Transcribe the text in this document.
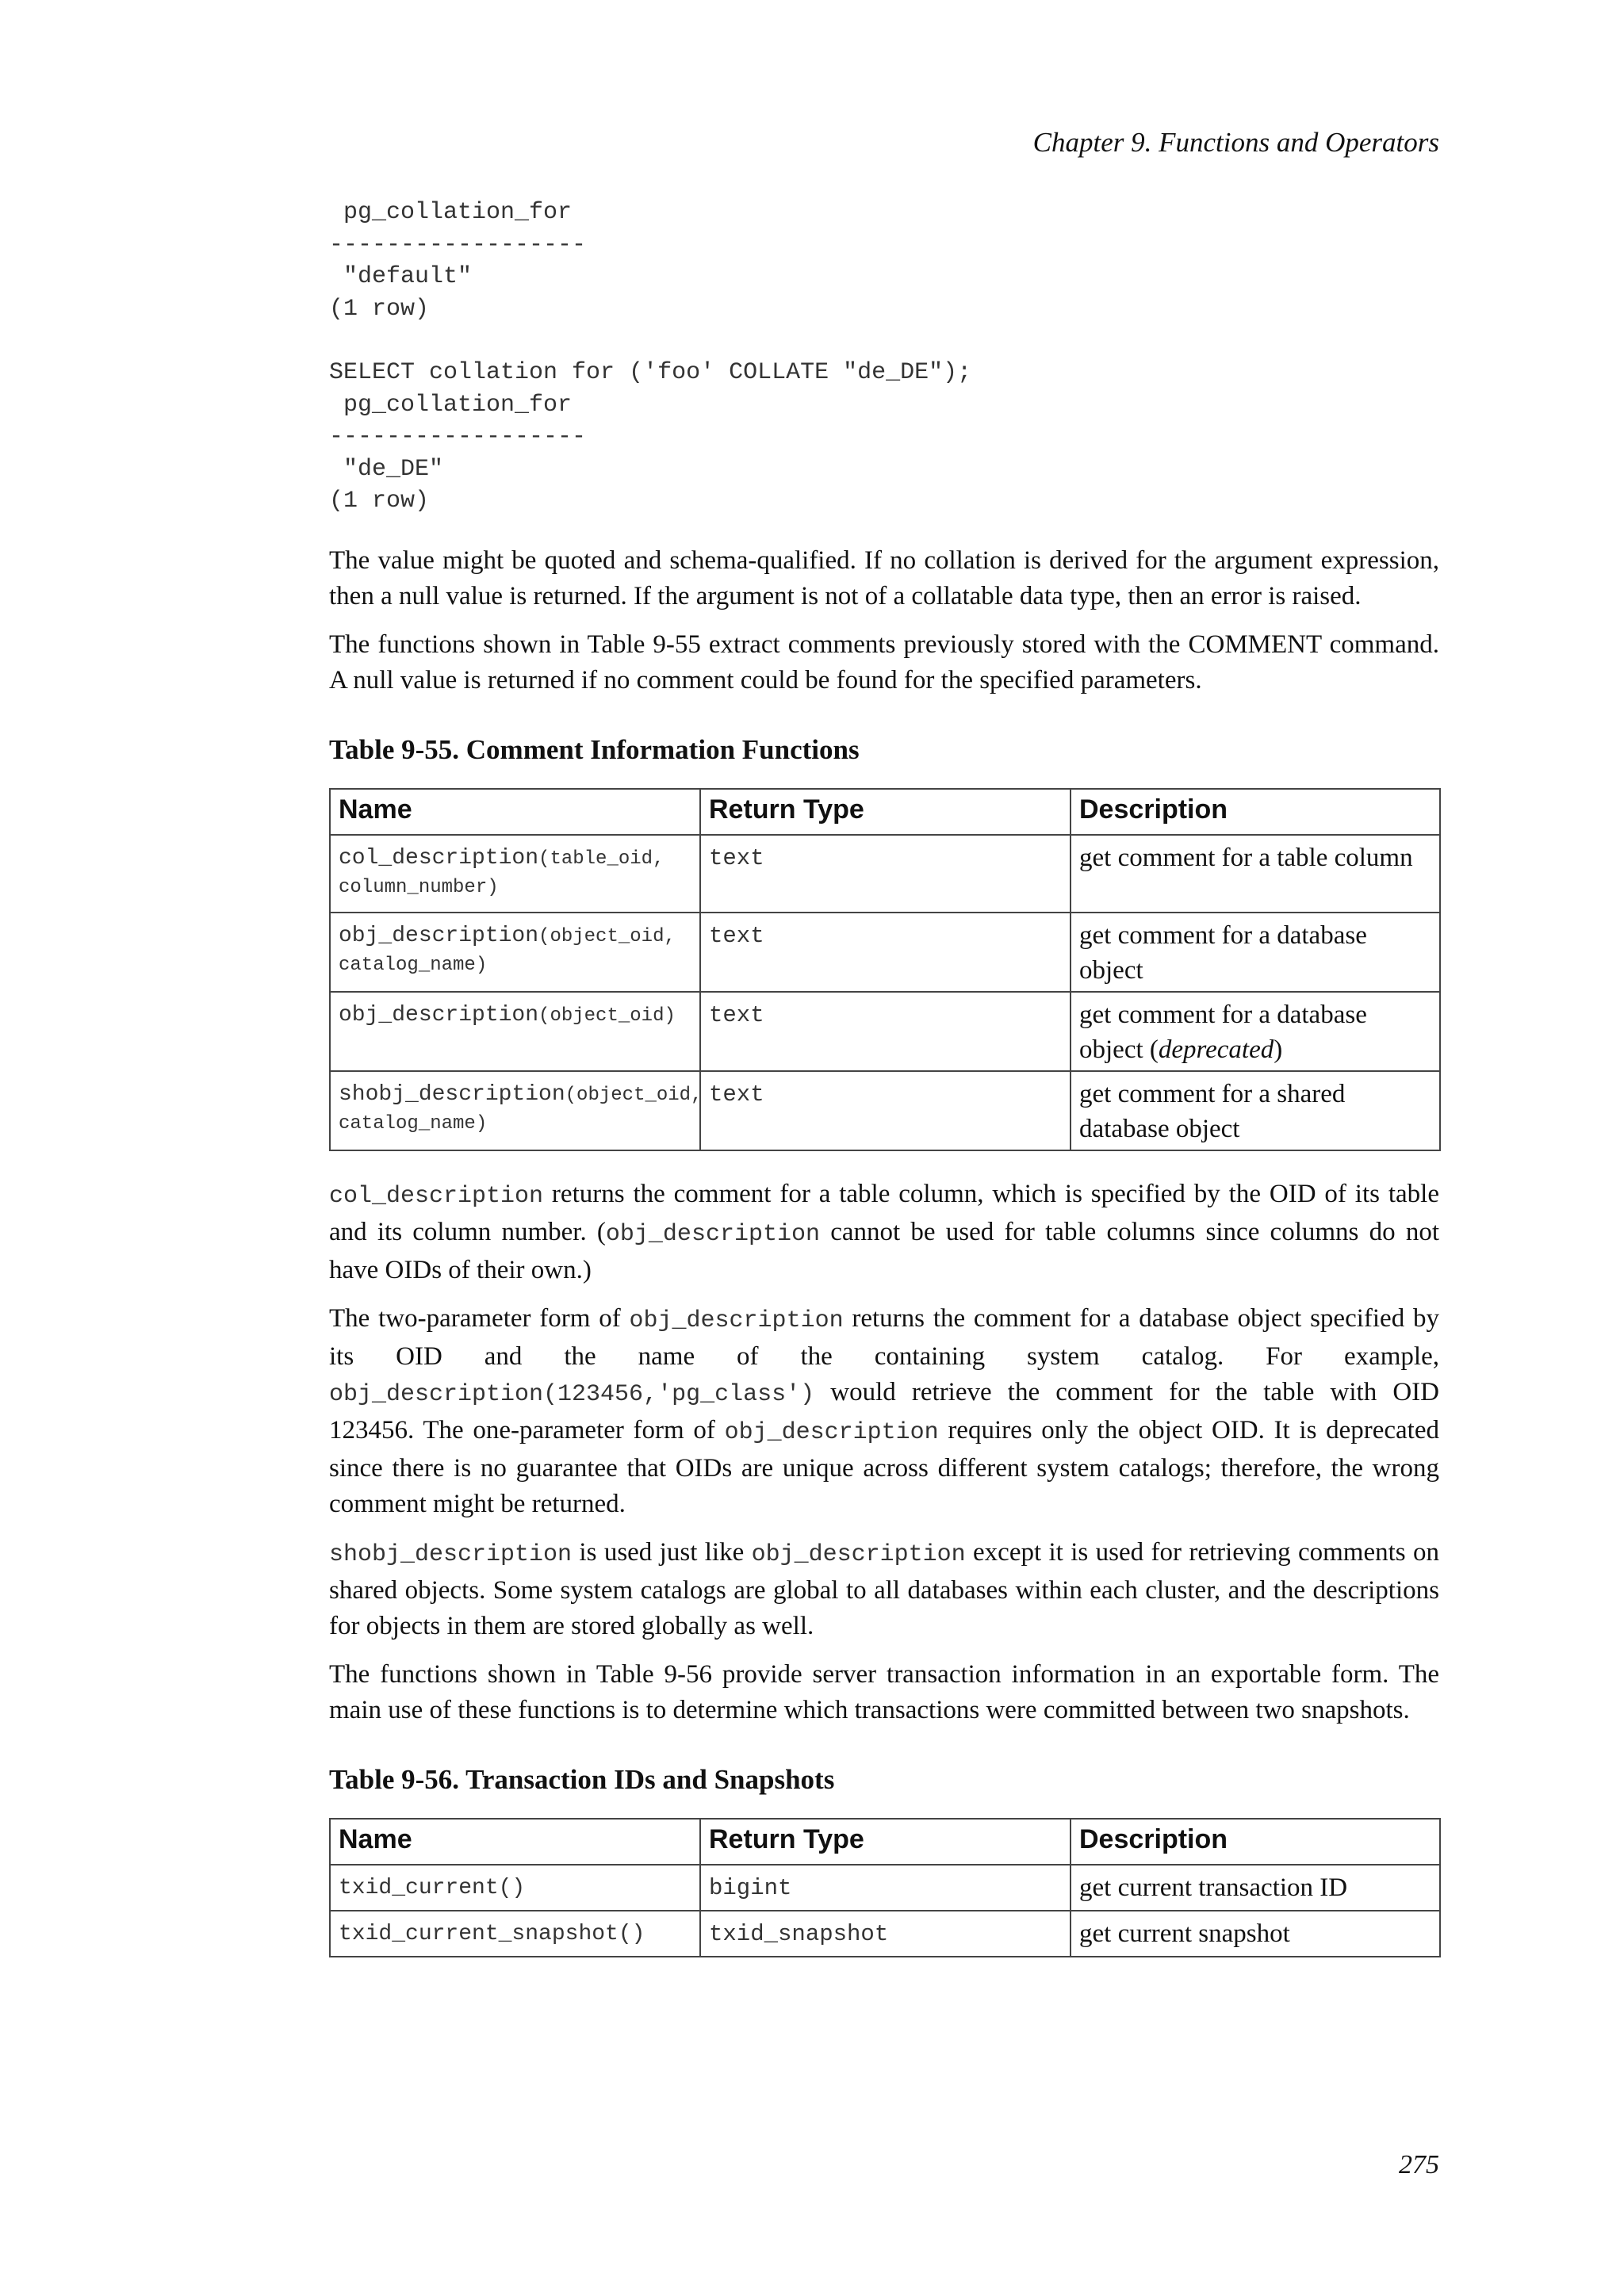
Chapter 9. Functions and Operators
pg_collation_for
------------------
"default"
(1 row)
SELECT collation for ('foo' COLLATE "de_DE");
pg_collation_for
------------------
"de_DE"
(1 row)

The value might be quoted and schema-qualified. If no collation is derived for the argument expression, then a null value is returned. If the argument is not of a collatable data type, then an error is raised.

The functions shown in Table 9-55 extract comments previously stored with the COMMENT command. A null value is returned if no comment could be found for the specified parameters.

Table 9-55. Comment Information Functions

Name	Return Type	Description
col_description(table_oid, column_number)	text	get comment for a table column
obj_description(object_oid, catalog_name)	text	get comment for a database object
obj_description(object_oid)	text	get comment for a database object (deprecated)
shobj_description(object_oid, catalog_name)	text	get comment for a shared database object

col_description returns the comment for a table column, which is specified by the OID of its table and its column number. (obj_description cannot be used for table columns since columns do not have OIDs of their own.)

The two-parameter form of obj_description returns the comment for a database object specified by its OID and the name of the containing system catalog. For example, obj_description(123456,'pg_class') would retrieve the comment for the table with OID 123456. The one-parameter form of obj_description requires only the object OID. It is deprecated since there is no guarantee that OIDs are unique across different system catalogs; therefore, the wrong comment might be returned.

shobj_description is used just like obj_description except it is used for retrieving comments on shared objects. Some system catalogs are global to all databases within each cluster, and the descriptions for objects in them are stored globally as well.

The functions shown in Table 9-56 provide server transaction information in an exportable form. The main use of these functions is to determine which transactions were committed between two snapshots.

Table 9-56. Transaction IDs and Snapshots

Name	Return Type	Description
txid_current()	bigint	get current transaction ID
txid_current_snapshot()	txid_snapshot	get current snapshot
275
